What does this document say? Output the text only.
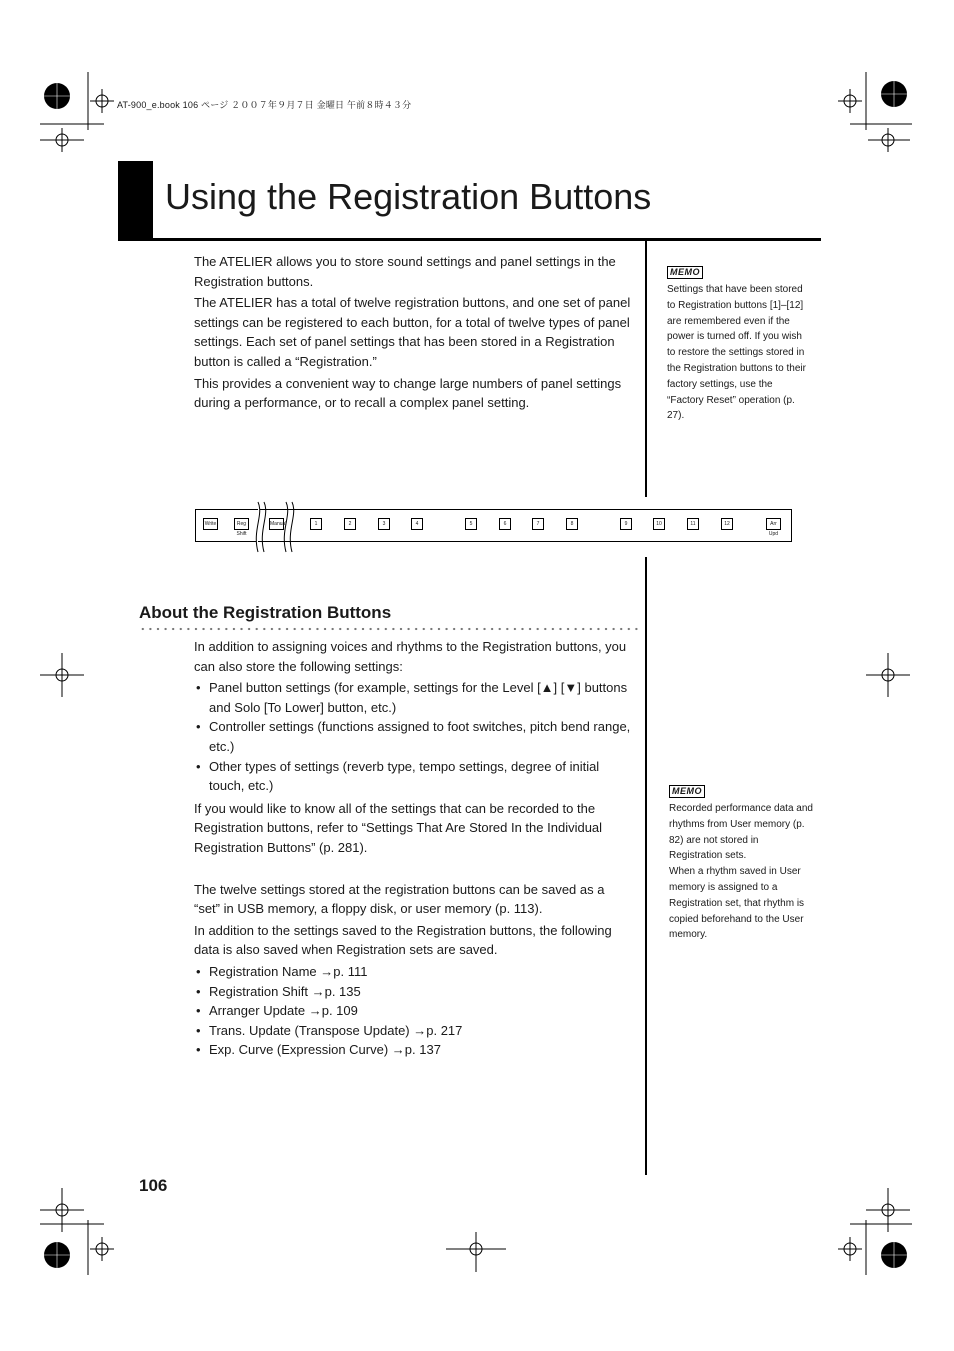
AT-900_e.book 106 ページ ２００７年９月７日 金曜日 午前８時４３分
Using the Registration Buttons

The ATELIER allows you to store sound settings and panel settings in the Registration buttons.

The ATELIER has a total of twelve registration buttons, and one set of panel settings can be registered to each button, for a total of twelve types of panel settings. Each set of panel settings that has been stored in a Registration button is called a “Registration.”

This provides a convenient way to change large numbers of panel settings during a performance, or to recall a complex panel setting.

MEMO
Settings that have been stored to Registration buttons [1]–[12] are remembered even if the power is turned off. If you wish to restore the settings stored in the Registration buttons to their factory settings, use the “Factory Reset” operation (p. 27).
Write	Reg Shift
Manual	1	2	3	4	5	6	7	8	9	10	11	12	Arr Upd
About the Registration Buttons

In addition to assigning voices and rhythms to the Registration buttons, you can also store the following settings:

• Panel button settings (for example, settings for the Level [▲] [▼] buttons and Solo [To Lower] button, etc.)
• Controller settings (functions assigned to foot switches, pitch bend range, etc.)
• Other types of settings (reverb type, tempo settings, degree of initial touch, etc.)

If you would like to know all of the settings that can be recorded to the Registration buttons, refer to “Settings That Are Stored In the Individual Registration Buttons” (p. 281).

The twelve settings stored at the registration buttons can be saved as a “set” in USB memory, a floppy disk, or user memory (p. 113).

In addition to the settings saved to the Registration buttons, the following data is also saved when Registration sets are saved.

• Registration Name →p. 111
• Registration Shift →p. 135
• Arranger Update →p. 109
• Trans. Update (Transpose Update) →p. 217
• Exp. Curve (Expression Curve) →p. 137
MEMO
Recorded performance data and rhythms from User memory (p. 82) are not stored in Registration sets.
When a rhythm saved in User memory is assigned to a Registration set, that rhythm is copied beforehand to the User memory.
106
